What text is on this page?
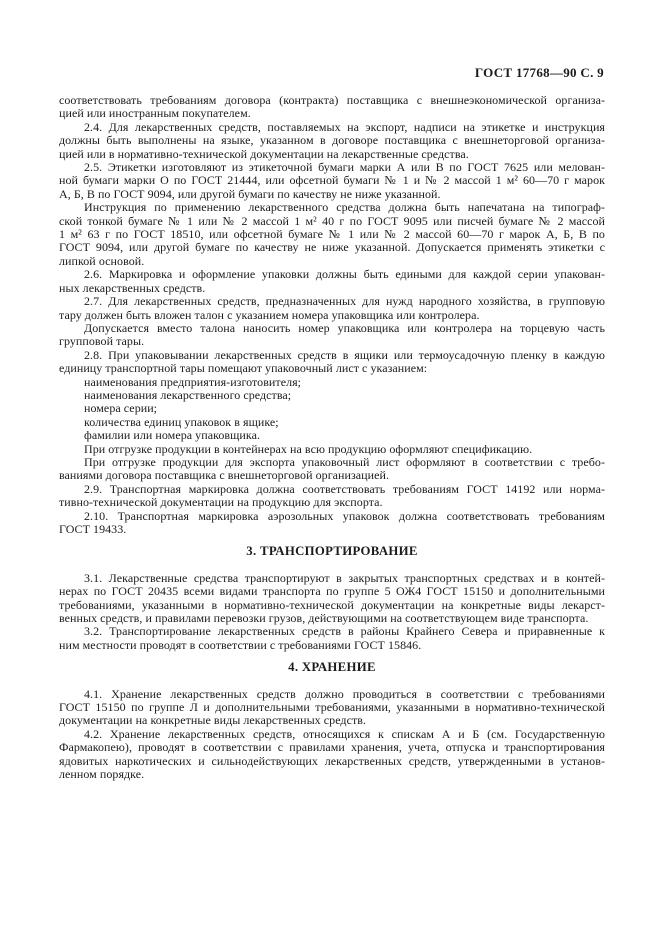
ГОСТ 17768—90 С. 9
соответствовать требованиям договора (контракта) поставщика с внешнеэкономической организа-
цией или иностранным покупателем.
2.4. Для лекарственных средств, поставляемых на экспорт, надписи на этикетке и инструкция
должны быть выполнены на языке, указанном в договоре поставщика с внешнеторговой организа-
цией или в нормативно-технической документации на лекарственные средства.
2.5. Этикетки изготовляют из этикеточной бумаги марки А или В по ГОСТ 7625 или мелован-
ной бумаги марки О по ГОСТ 21444, или офсетной бумаги № 1 и № 2 массой 1 м² 60—70 г марок
А, Б, В по ГОСТ 9094, или другой бумаги по качеству не ниже указанной.
Инструкция по применению лекарственного средства должна быть напечатана на типограф-
ской тонкой бумаге № 1 или № 2 массой 1 м² 40 г по ГОСТ 9095 или писчей бумаге № 2 массой
1 м² 63 г по ГОСТ 18510, или офсетной бумаге № 1 или № 2 массой 60—70 г марок А, Б, В по
ГОСТ 9094, или другой бумаге по качеству не ниже указанной. Допускается применять этикетки с
липкой основой.
2.6. Маркировка и оформление упаковки должны быть едиными для каждой серии упакован-
ных лекарственных средств.
2.7. Для лекарственных средств, предназначенных для нужд народного хозяйства, в групповую
тару должен быть вложен талон с указанием номера упаковщика или контролера.
Допускается вместо талона наносить номер упаковщика или контролера на торцевую часть
групповой тары.
2.8. При упаковывании лекарственных средств в ящики или термоусадочную пленку в каждую
единицу транспортной тары помещают упаковочный лист с указанием:
наименования предприятия-изготовителя;
наименования лекарственного средства;
номера серии;
количества единиц упаковок в ящике;
фамилии или номера упаковщика.
При отгрузке продукции в контейнерах на всю продукцию оформляют спецификацию.
При отгрузке продукции для экспорта упаковочный лист оформляют в соответствии с требо-
ваниями договора поставщика с внешнеторговой организацией.
2.9. Транспортная маркировка должна соответствовать требованиям ГОСТ 14192 или норма-
тивно-технической документации на продукцию для экспорта.
2.10. Транспортная маркировка аэрозольных упаковок должна соответствовать требованиям
ГОСТ 19433.
3. ТРАНСПОРТИРОВАНИЕ
3.1. Лекарственные средства транспортируют в закрытых транспортных средствах и в контей-
нерах по ГОСТ 20435 всеми видами транспорта по группе 5 ОЖ4 ГОСТ 15150 и дополнительными
требованиями, указанными в нормативно-технической документации на конкретные виды лекарст-
венных средств, и правилами перевозки грузов, действующими на соответствующем виде транспорта.
3.2. Транспортирование лекарственных средств в районы Крайнего Севера и приравненные к
ним местности проводят в соответствии с требованиями ГОСТ 15846.
4. ХРАНЕНИЕ
4.1. Хранение лекарственных средств должно проводиться в соответствии с требованиями
ГОСТ 15150 по группе Л и дополнительными требованиями, указанными в нормативно-технической
документации на конкретные виды лекарственных средств.
4.2. Хранение лекарственных средств, относящихся к спискам А и Б (см. Государственную
Фармакопею), проводят в соответствии с правилами хранения, учета, отпуска и транспортирования
ядовитых наркотических и сильнодействующих лекарственных средств, утвержденными в установ-
ленном порядке.
